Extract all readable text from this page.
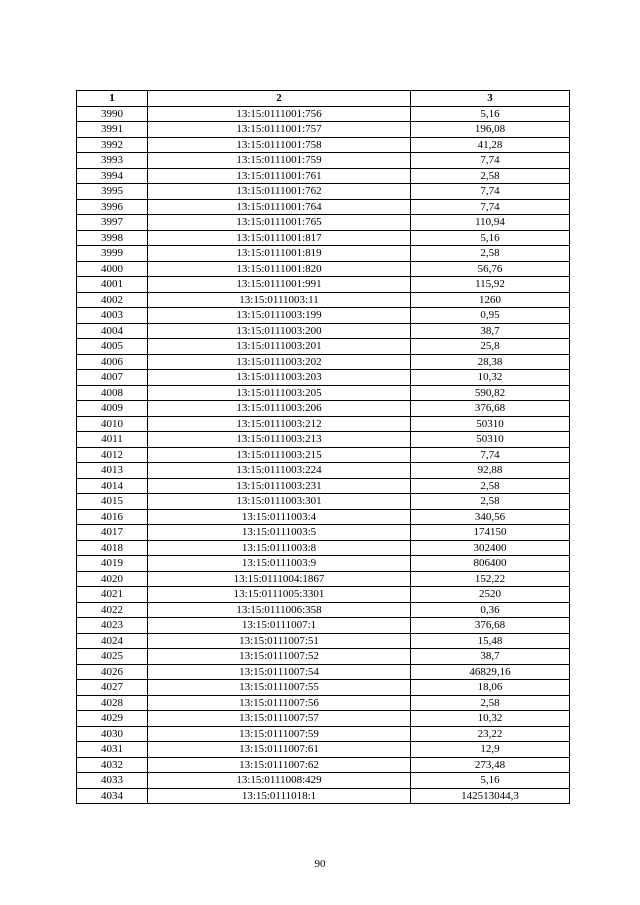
1	2	3
3990	13:15:0111001:756	5,16
3991	13:15:0111001:757	196,08
3992	13:15:0111001:758	41,28
3993	13:15:0111001:759	7,74
3994	13:15:0111001:761	2,58
3995	13:15:0111001:762	7,74
3996	13:15:0111001:764	7,74
3997	13:15:0111001:765	110,94
3998	13:15:0111001:817	5,16
3999	13:15:0111001:819	2,58
4000	13:15:0111001:820	56,76
4001	13:15:0111001:991	115,92
4002	13:15:0111003:11	1260
4003	13:15:0111003:199	0,95
4004	13:15:0111003:200	38,7
4005	13:15:0111003:201	25,8
4006	13:15:0111003:202	28,38
4007	13:15:0111003:203	10,32
4008	13:15:0111003:205	590,82
4009	13:15:0111003:206	376,68
4010	13:15:0111003:212	50310
4011	13:15:0111003:213	50310
4012	13:15:0111003:215	7,74
4013	13:15:0111003:224	92,88
4014	13:15:0111003:231	2,58
4015	13:15:0111003:301	2,58
4016	13:15:0111003:4	340,56
4017	13:15:0111003:5	174150
4018	13:15:0111003:8	302400
4019	13:15:0111003:9	806400
4020	13:15:0111004:1867	152,22
4021	13:15:0111005:3301	2520
4022	13:15:0111006:358	0,36
4023	13:15:0111007:1	376,68
4024	13:15:0111007:51	15,48
4025	13:15:0111007:52	38,7
4026	13:15:0111007:54	46829,16
4027	13:15:0111007:55	18,06
4028	13:15:0111007:56	2,58
4029	13:15:0111007:57	10,32
4030	13:15:0111007:59	23,22
4031	13:15:0111007:61	12,9
4032	13:15:0111007:62	273,48
4033	13:15:0111008:429	5,16
4034	13:15:0111018:1	142513044,3
90
